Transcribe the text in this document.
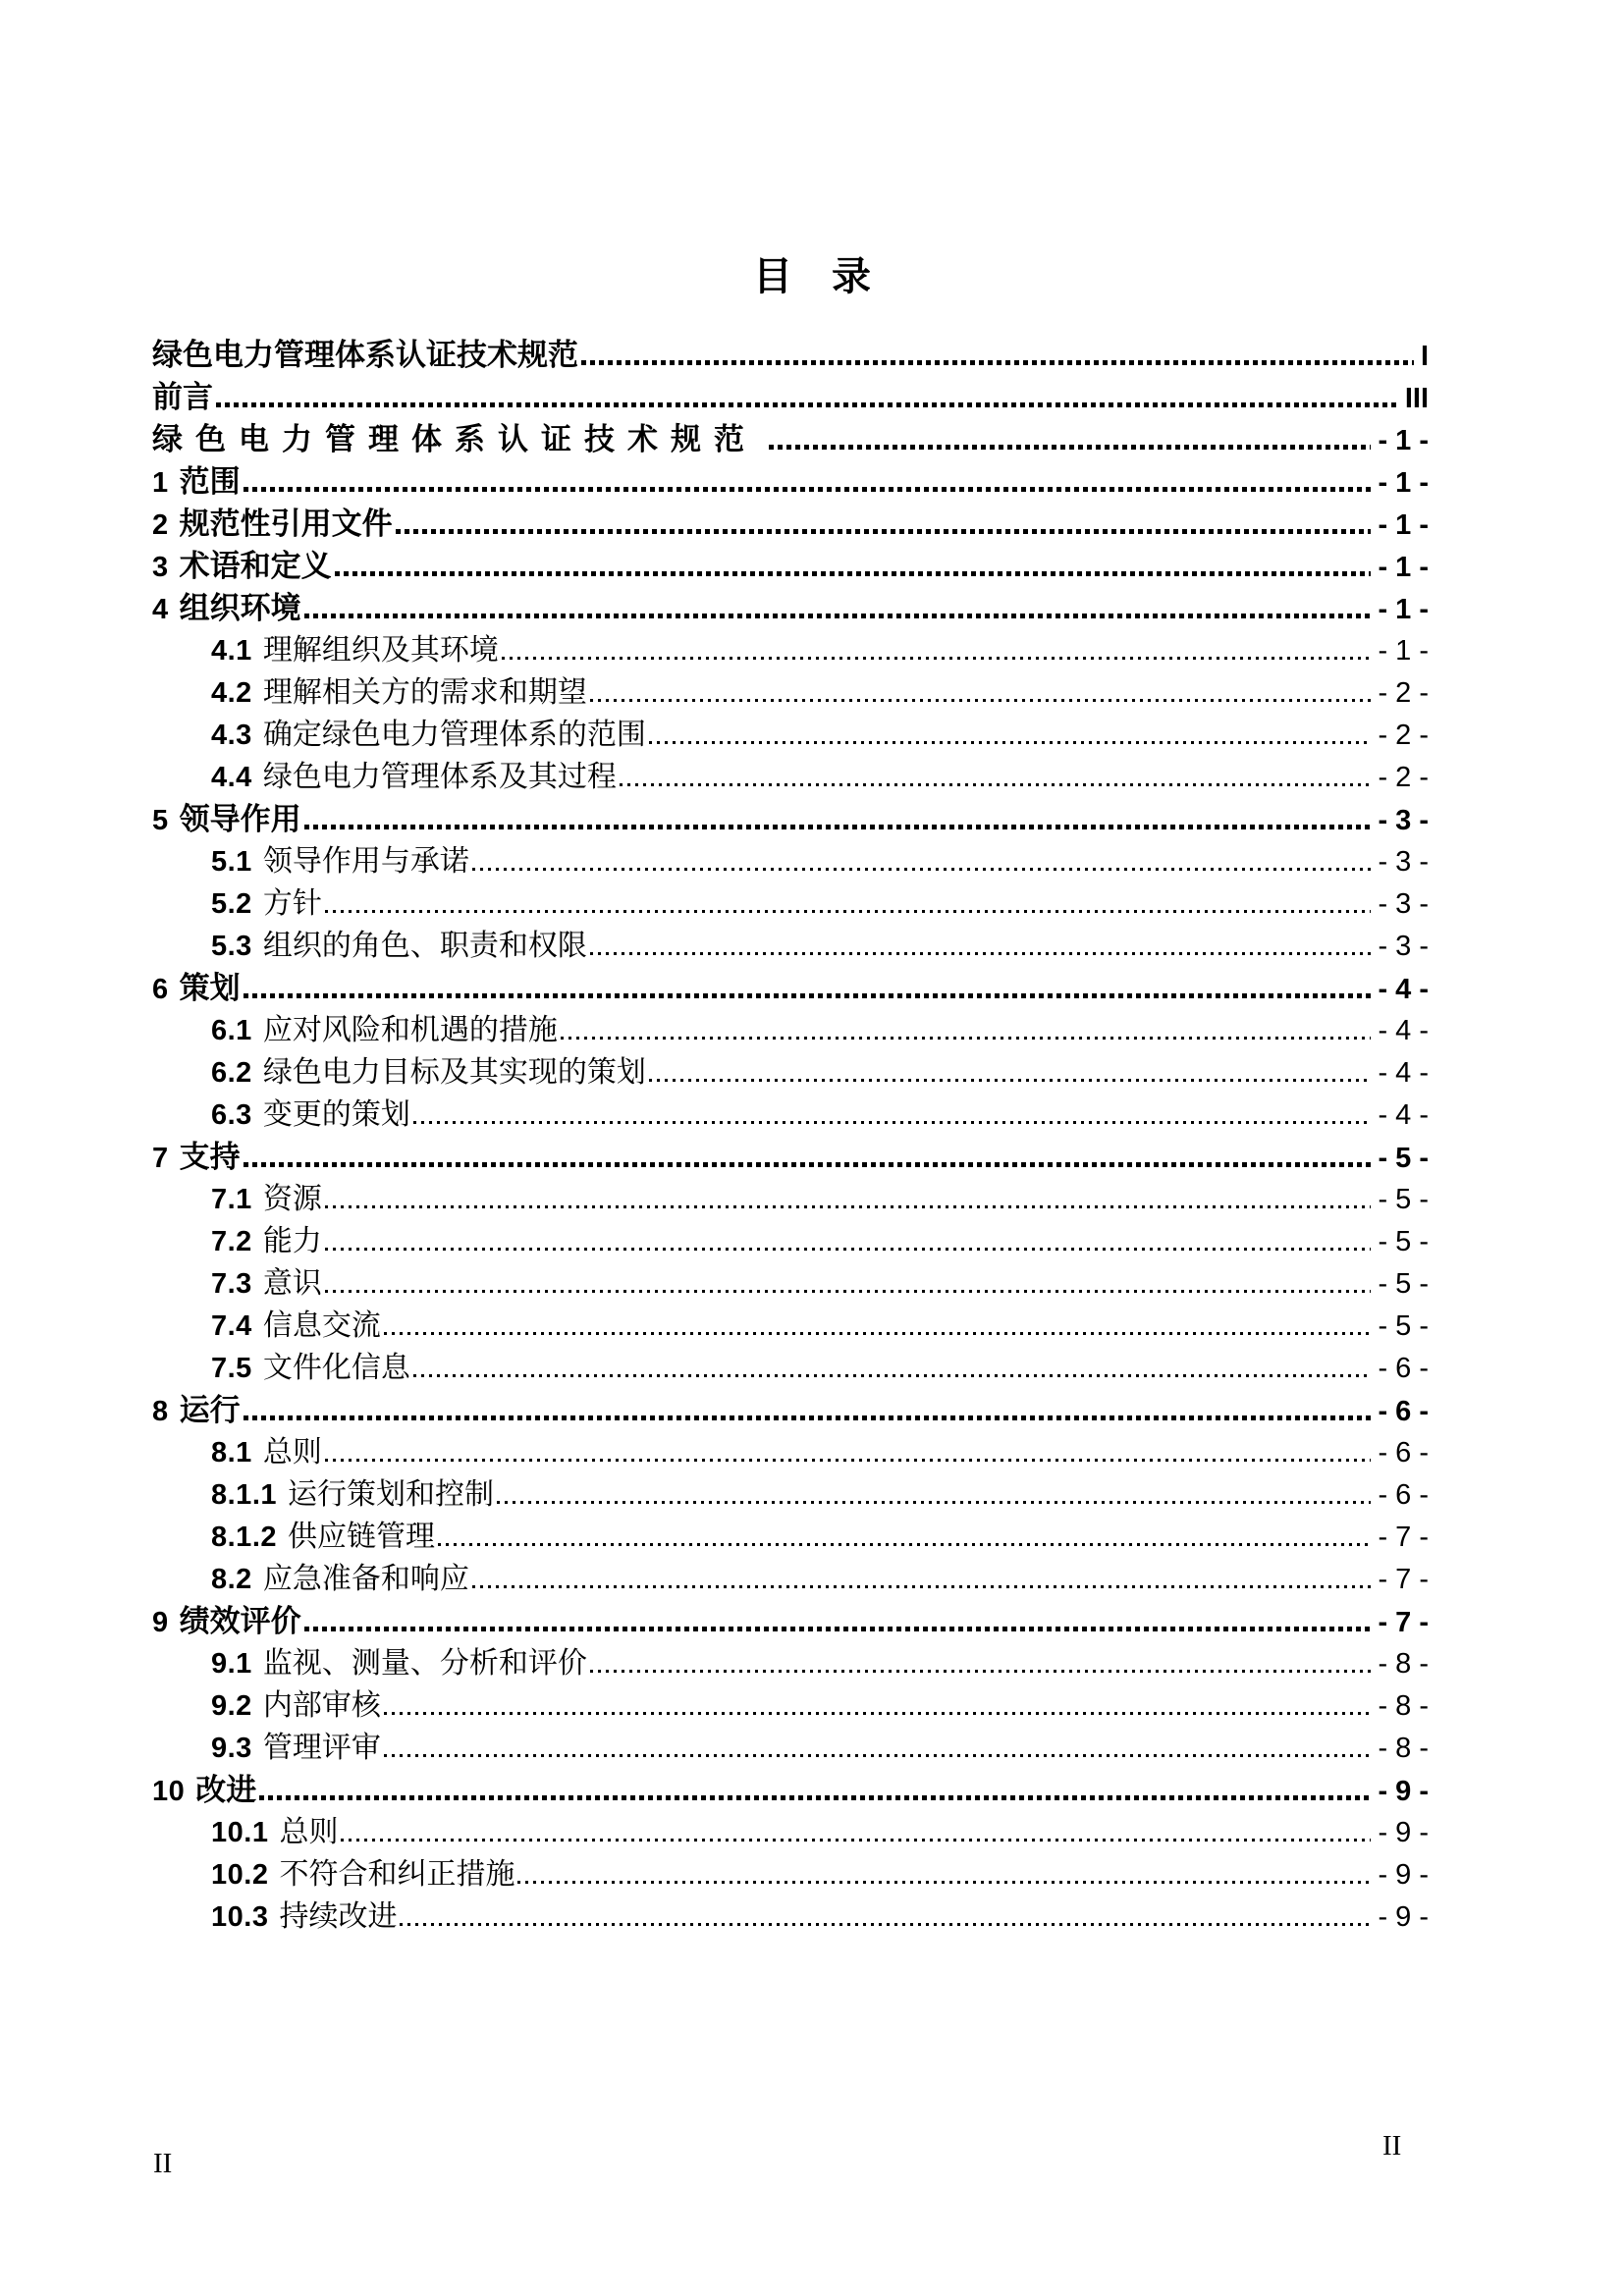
目　录
绿色电力管理体系认证技术规范	I
前言	III
绿色电力管理体系认证技术规范	- 1 -
1 范围	- 1 -
2 规范性引用文件	- 1 -
3 术语和定义	- 1 -
4 组织环境	- 1 -
4.1 理解组织及其环境	- 1 -
4.2 理解相关方的需求和期望	- 2 -
4.3 确定绿色电力管理体系的范围	- 2 -
4.4 绿色电力管理体系及其过程	- 2 -
5 领导作用	- 3 -
5.1 领导作用与承诺	- 3 -
5.2 方针	- 3 -
5.3 组织的角色、职责和权限	- 3 -
6 策划	- 4 -
6.1 应对风险和机遇的措施	- 4 -
6.2 绿色电力目标及其实现的策划	- 4 -
6.3 变更的策划	- 4 -
7 支持	- 5 -
7.1 资源	- 5 -
7.2 能力	- 5 -
7.3 意识	- 5 -
7.4 信息交流	- 5 -
7.5 文件化信息	- 6 -
8 运行	- 6 -
8.1 总则	- 6 -
8.1.1 运行策划和控制	- 6 -
8.1.2 供应链管理	- 7 -
8.2 应急准备和响应	- 7 -
9 绩效评价	- 7 -
9.1 监视、测量、分析和评价	- 8 -
9.2 内部审核	- 8 -
9.3 管理评审	- 8 -
10 改进	- 9 -
10.1 总则	- 9 -
10.2 不符合和纠正措施	- 9 -
10.3 持续改进	- 9 -
II
II
